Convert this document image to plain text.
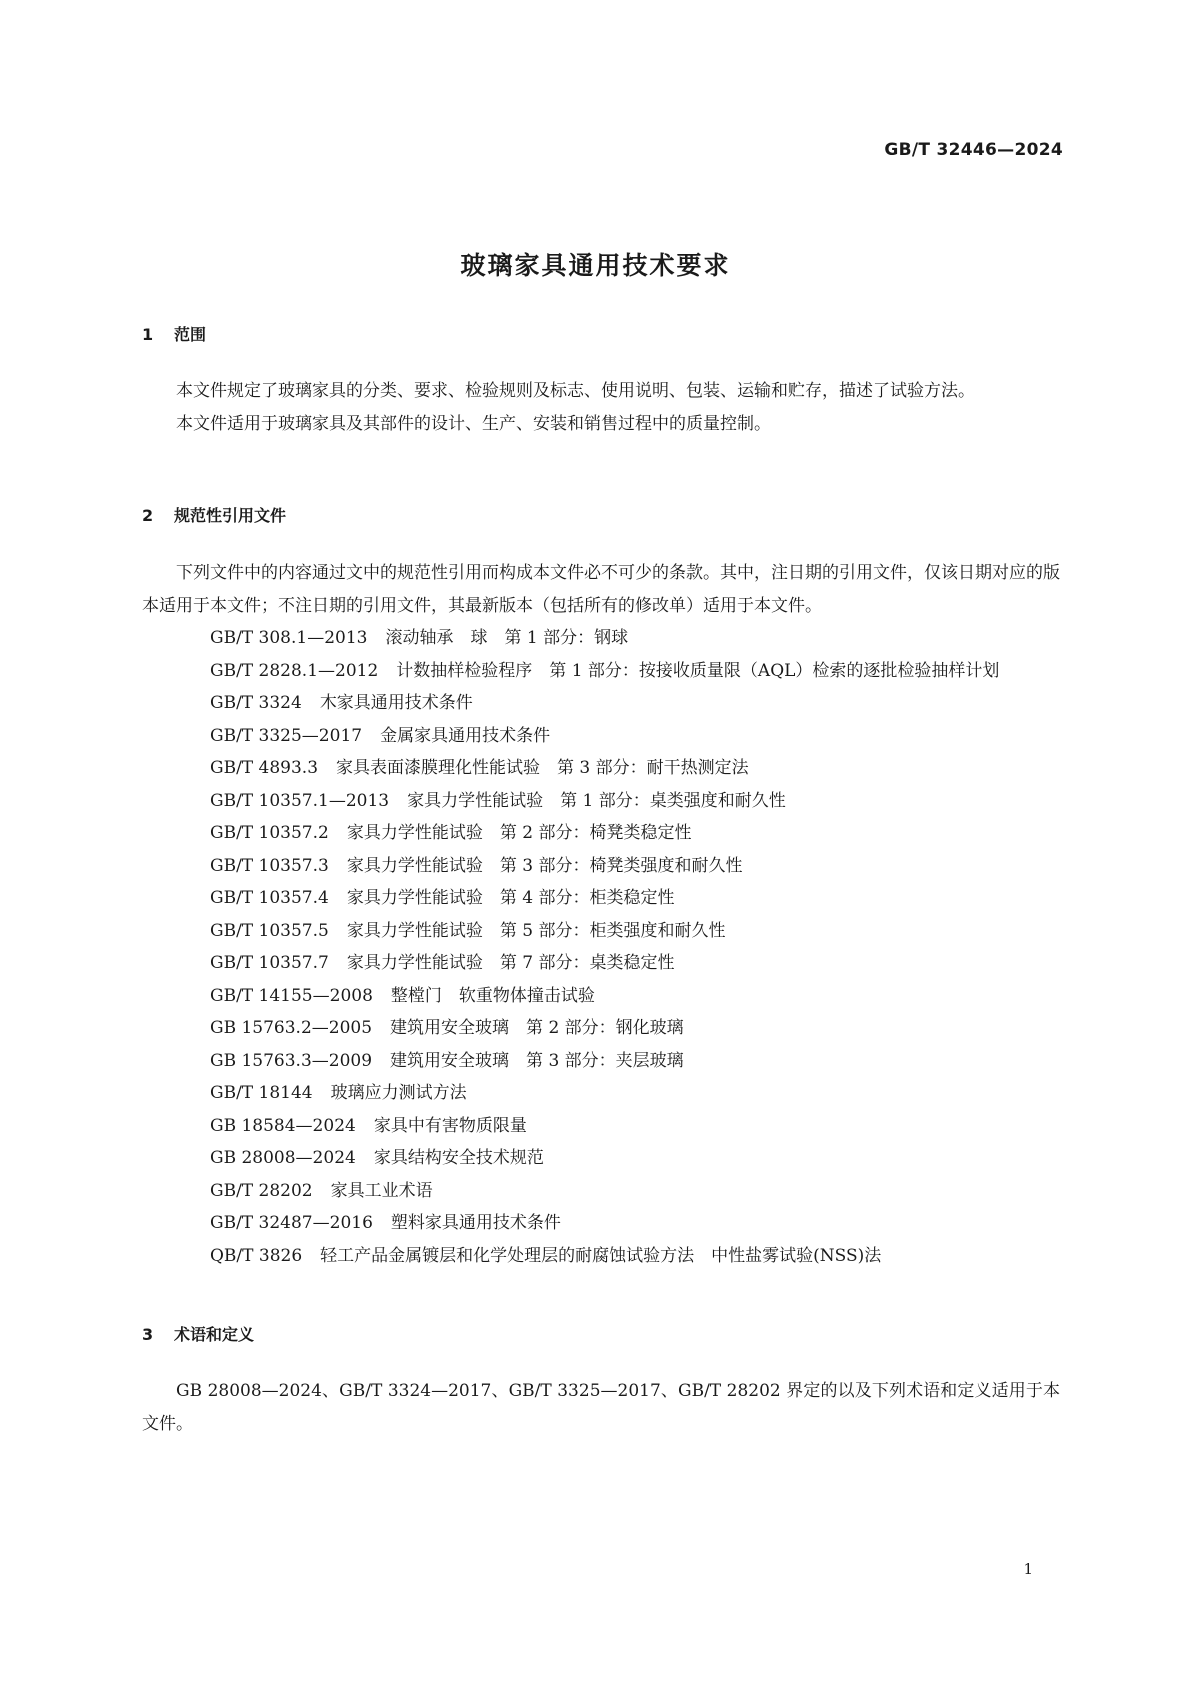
GB/T 32446—2024
玻璃家具通用技术要求
1 范围

本文件规定了玻璃家具的分类、要求、检验规则及标志、使用说明、包装、运输和贮存，描述了试验方法。

本文件适用于玻璃家具及其部件的设计、生产、安装和销售过程中的质量控制。

2 规范性引用文件

下列文件中的内容通过文中的规范性引用而构成本文件必不可少的条款。其中，注日期的引用文件，仅该日期对应的版本适用于本文件；不注日期的引用文件，其最新版本（包括所有的修改单）适用于本文件。

GB/T 308.1—2013 滚动轴承　球　第 1 部分：钢球
GB/T 2828.1—2012 计数抽样检验程序　第 1 部分：按接收质量限（AQL）检索的逐批检验抽样计划
GB/T 3324 木家具通用技术条件
GB/T 3325—2017 金属家具通用技术条件
GB/T 4893.3 家具表面漆膜理化性能试验　第 3 部分：耐干热测定法
GB/T 10357.1—2013 家具力学性能试验　第 1 部分：桌类强度和耐久性
GB/T 10357.2 家具力学性能试验　第 2 部分：椅凳类稳定性
GB/T 10357.3 家具力学性能试验　第 3 部分：椅凳类强度和耐久性
GB/T 10357.4 家具力学性能试验　第 4 部分：柜类稳定性
GB/T 10357.5 家具力学性能试验　第 5 部分：柜类强度和耐久性
GB/T 10357.7 家具力学性能试验　第 7 部分：桌类稳定性
GB/T 14155—2008 整樘门　软重物体撞击试验
GB 15763.2—2005 建筑用安全玻璃　第 2 部分：钢化玻璃
GB 15763.3—2009 建筑用安全玻璃　第 3 部分：夹层玻璃
GB/T 18144 玻璃应力测试方法
GB 18584—2024 家具中有害物质限量
GB 28008—2024 家具结构安全技术规范
GB/T 28202 家具工业术语
GB/T 32487—2016 塑料家具通用技术条件
QB/T 3826 轻工产品金属镀层和化学处理层的耐腐蚀试验方法　中性盐雾试验(NSS)法
3 术语和定义

GB 28008—2024、GB/T 3324—2017、GB/T 3325—2017、GB/T 28202 界定的以及下列术语和定义适用于本文件。

1
